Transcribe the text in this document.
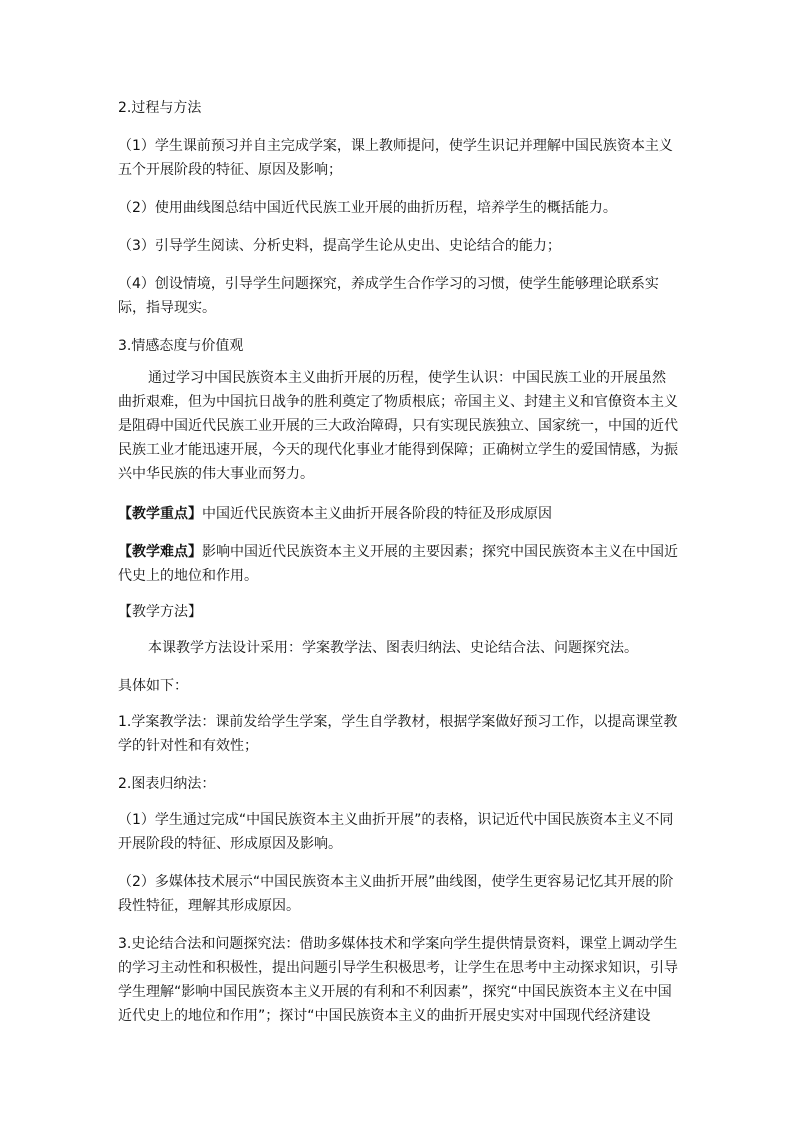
2.过程与方法

（1）学生课前预习并自主完成学案，课上教师提问，使学生识记并理解中国民族资本主义五个开展阶段的特征、原因及影响；

（2）使用曲线图总结中国近代民族工业开展的曲折历程，培养学生的概括能力。

（3）引导学生阅读、分析史料，提高学生论从史出、史论结合的能力；

（4）创设情境，引导学生问题探究，养成学生合作学习的习惯，使学生能够理论联系实际，指导现实。

3.情感态度与价值观

通过学习中国民族资本主义曲折开展的历程，使学生认识：中国民族工业的开展虽然曲折艰难，但为中国抗日战争的胜利奠定了物质根底；帝国主义、封建主义和官僚资本主义是阻碍中国近代民族工业开展的三大政治障碍，只有实现民族独立、国家统一，中国的近代民族工业才能迅速开展，今天的现代化事业才能得到保障；正确树立学生的爱国情感，为振兴中华民族的伟大事业而努力。

【教学重点】中国近代民族资本主义曲折开展各阶段的特征及形成原因

【教学难点】影响中国近代民族资本主义开展的主要因素；探究中国民族资本主义在中国近代史上的地位和作用。

【教学方法】

本课教学方法设计采用：学案教学法、图表归纳法、史论结合法、问题探究法。

具体如下：

1.学案教学法：课前发给学生学案，学生自学教材，根据学案做好预习工作，以提高课堂教学的针对性和有效性；

2.图表归纳法：

（1）学生通过完成“中国民族资本主义曲折开展”的表格，识记近代中国民族资本主义不同开展阶段的特征、形成原因及影响。

（2）多媒体技术展示“中国民族资本主义曲折开展”曲线图，使学生更容易记忆其开展的阶段性特征，理解其形成原因。

3.史论结合法和问题探究法：借助多媒体技术和学案向学生提供情景资料，课堂上调动学生的学习主动性和积极性，提出问题引导学生积极思考，让学生在思考中主动探求知识，引导学生理解“影响中国民族资本主义开展的有利和不利因素”，探究“中国民族资本主义在中国近代史上的地位和作用”；探讨“中国民族资本主义的曲折开展史实对中国现代经济建设
